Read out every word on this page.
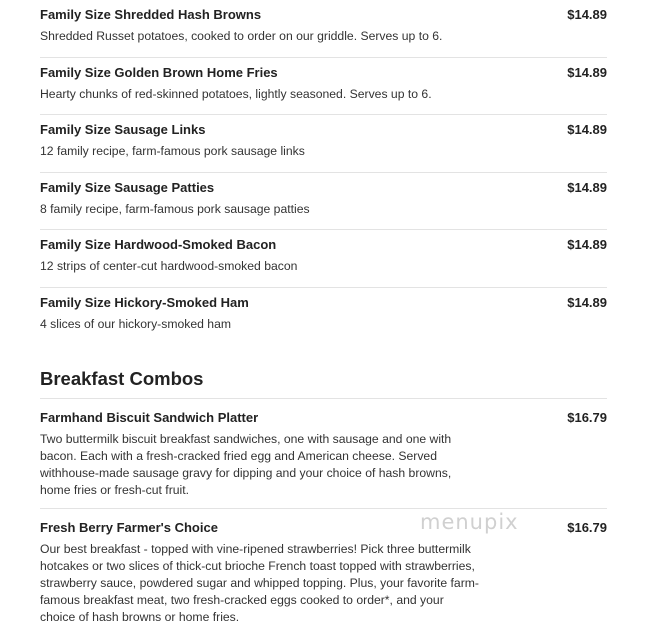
Family Size Shredded Hash Browns	$14.89
Shredded Russet potatoes, cooked to order on our griddle. Serves up to 6.
Family Size Golden Brown Home Fries	$14.89
Hearty chunks of red-skinned potatoes, lightly seasoned. Serves up to 6.
Family Size Sausage Links	$14.89
12 family recipe, farm-famous pork sausage links
Family Size Sausage Patties	$14.89
8 family recipe, farm-famous pork sausage patties
Family Size Hardwood-Smoked Bacon	$14.89
12 strips of center-cut hardwood-smoked bacon
Family Size Hickory-Smoked Ham	$14.89
4 slices of our hickory-smoked ham
Breakfast Combos
Farmhand Biscuit Sandwich Platter	$16.79
Two buttermilk biscuit breakfast sandwiches, one with sausage and one with bacon. Each with a fresh-cracked fried egg and American cheese. Served withhouse-made sausage gravy for dipping and your choice of hash browns, home fries or fresh-cut fruit.
Fresh Berry Farmer's Choice	$16.79
Our best breakfast - topped with vine-ripened strawberries! Pick three buttermilk hotcakes or two slices of thick-cut brioche French toast topped with strawberries, strawberry sauce, powdered sugar and whipped topping. Plus, your favorite farm-famous breakfast meat, two fresh-cracked eggs cooked to order*, and your choice of hash browns or home fries.
menupix
